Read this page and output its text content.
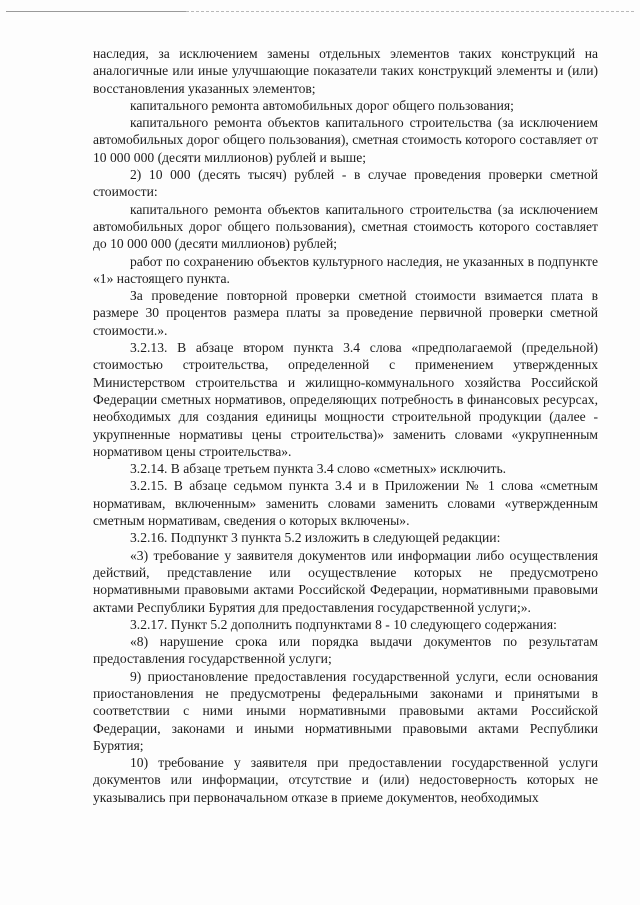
наследия, за исключением замены отдельных элементов таких конструкций на аналогичные или иные улучшающие показатели таких конструкций элементы и (или) восстановления указанных элементов;

капитального ремонта автомобильных дорог общего пользования;

капитального ремонта объектов капитального строительства (за исключением автомобильных дорог общего пользования), сметная стоимость которого составляет от 10 000 000 (десяти миллионов) рублей и выше;

2) 10 000 (десять тысяч) рублей - в случае проведения проверки сметной стоимости:

капитального ремонта объектов капитального строительства (за исключением автомобильных дорог общего пользования), сметная стоимость которого составляет до 10 000 000 (десяти миллионов) рублей;

работ по сохранению объектов культурного наследия, не указанных в подпункте «1» настоящего пункта.

За проведение повторной проверки сметной стоимости взимается плата в размере 30 процентов размера платы за проведение первичной проверки сметной стоимости.».

3.2.13. В абзаце втором пункта 3.4 слова «предполагаемой (предельной) стоимостью строительства, определенной с применением утвержденных Министерством строительства и жилищно-коммунального хозяйства Российской Федерации сметных нормативов, определяющих потребность в финансовых ресурсах, необходимых для создания единицы мощности строительной продукции (далее - укрупненные нормативы цены строительства)» заменить словами «укрупненным нормативом цены строительства».

3.2.14. В абзаце третьем пункта 3.4 слово «сметных» исключить.

3.2.15. В абзаце седьмом пункта 3.4 и в Приложении № 1 слова «сметным нормативам, включенным» заменить словами заменить словами «утвержденным сметным нормативам, сведения о которых включены».

3.2.16. Подпункт 3 пункта 5.2 изложить в следующей редакции:

«3) требование у заявителя документов или информации либо осуществления действий, представление или осуществление которых не предусмотрено нормативными правовыми актами Российской Федерации, нормативными правовыми актами Республики Бурятия для предоставления государственной услуги;».

3.2.17. Пункт 5.2 дополнить подпунктами 8 - 10 следующего содержания:

«8) нарушение срока или порядка выдачи документов по результатам предоставления государственной услуги;

9) приостановление предоставления государственной услуги, если основания приостановления не предусмотрены федеральными законами и принятыми в соответствии с ними иными нормативными правовыми актами Российской Федерации, законами и иными нормативными правовыми актами Республики Бурятия;

10) требование у заявителя при предоставлении государственной услуги документов или информации, отсутствие и (или) недостоверность которых не указывались при первоначальном отказе в приеме документов, необходимых
